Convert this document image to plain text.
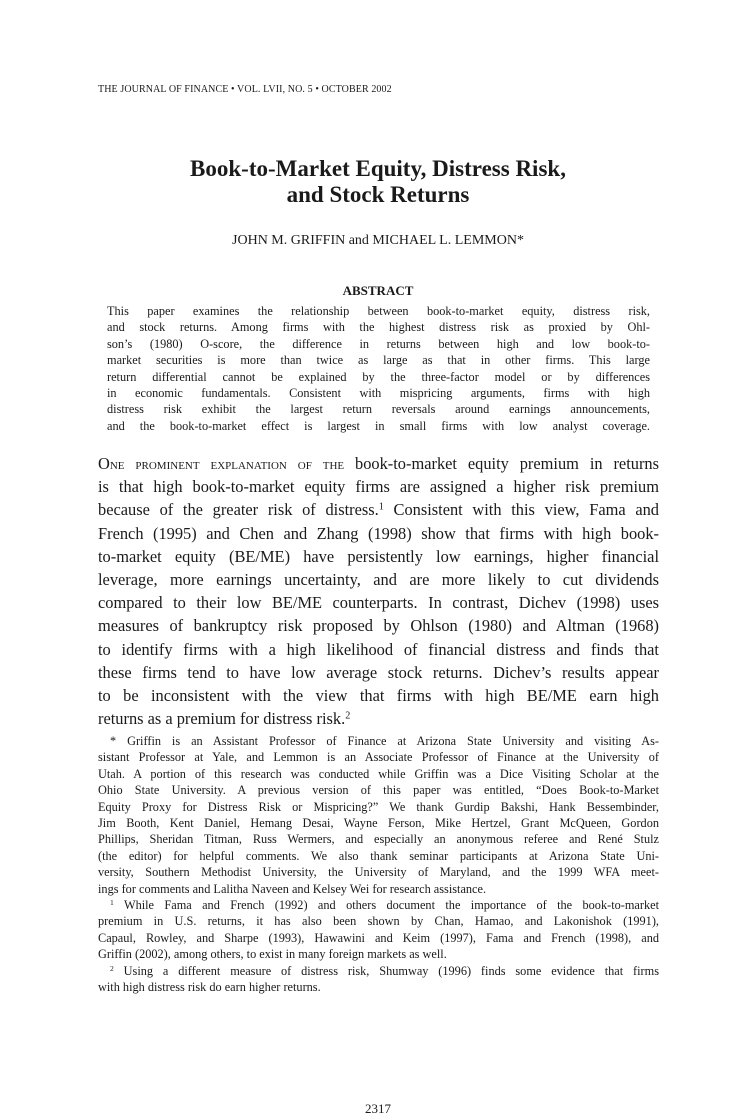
THE JOURNAL OF FINANCE • VOL. LVII, NO. 5 • OCTOBER 2002
Book-to-Market Equity, Distress Risk,
and Stock Returns
JOHN M. GRIFFIN and MICHAEL L. LEMMON*
ABSTRACT
This paper examines the relationship between book-to-market equity, distress risk,
and stock returns. Among firms with the highest distress risk as proxied by Ohl-
son’s (1980) O-score, the difference in returns between high and low book-to-
market securities is more than twice as large as that in other firms. This large
return differential cannot be explained by the three-factor model or by differences
in economic fundamentals. Consistent with mispricing arguments, firms with high
distress risk exhibit the largest return reversals around earnings announcements,
and the book-to-market effect is largest in small firms with low analyst coverage.
One prominent explanation of the book-to-market equity premium in returns
is that high book-to-market equity firms are assigned a higher risk premium
because of the greater risk of distress.$^1$ Consistent with this view, Fama and
French (1995) and Chen and Zhang (1998) show that firms with high book-
to-market equity (BE/ME) have persistently low earnings, higher financial
leverage, more earnings uncertainty, and are more likely to cut dividends
compared to their low BE/ME counterparts. In contrast, Dichev (1998) uses
measures of bankruptcy risk proposed by Ohlson (1980) and Altman (1968)
to identify firms with a high likelihood of financial distress and finds that
these firms tend to have low average stock returns. Dichev’s results appear
to be inconsistent with the view that firms with high BE/ME earn high
returns as a premium for distress risk.$^2$
* Griffin is an Assistant Professor of Finance at Arizona State University and visiting As-
sistant Professor at Yale, and Lemmon is an Associate Professor of Finance at the University of
Utah. A portion of this research was conducted while Griffin was a Dice Visiting Scholar at the
Ohio State University. A previous version of this paper was entitled, “Does Book-to-Market
Equity Proxy for Distress Risk or Mispricing?” We thank Gurdip Bakshi, Hank Bessembinder,
Jim Booth, Kent Daniel, Hemang Desai, Wayne Ferson, Mike Hertzel, Grant McQueen, Gordon
Phillips, Sheridan Titman, Russ Wermers, and especially an anonymous referee and René Stulz
(the editor) for helpful comments. We also thank seminar participants at Arizona State Uni-
versity, Southern Methodist University, the University of Maryland, and the 1999 WFA meet-
ings for comments and Lalitha Naveen and Kelsey Wei for research assistance.
$^1$ While Fama and French (1992) and others document the importance of the book-to-market
premium in U.S. returns, it has also been shown by Chan, Hamao, and Lakonishok (1991),
Capaul, Rowley, and Sharpe (1993), Hawawini and Keim (1997), Fama and French (1998), and
Griffin (2002), among others, to exist in many foreign markets as well.
$^2$ Using a different measure of distress risk, Shumway (1996) finds some evidence that firms
with high distress risk do earn higher returns.
2317
